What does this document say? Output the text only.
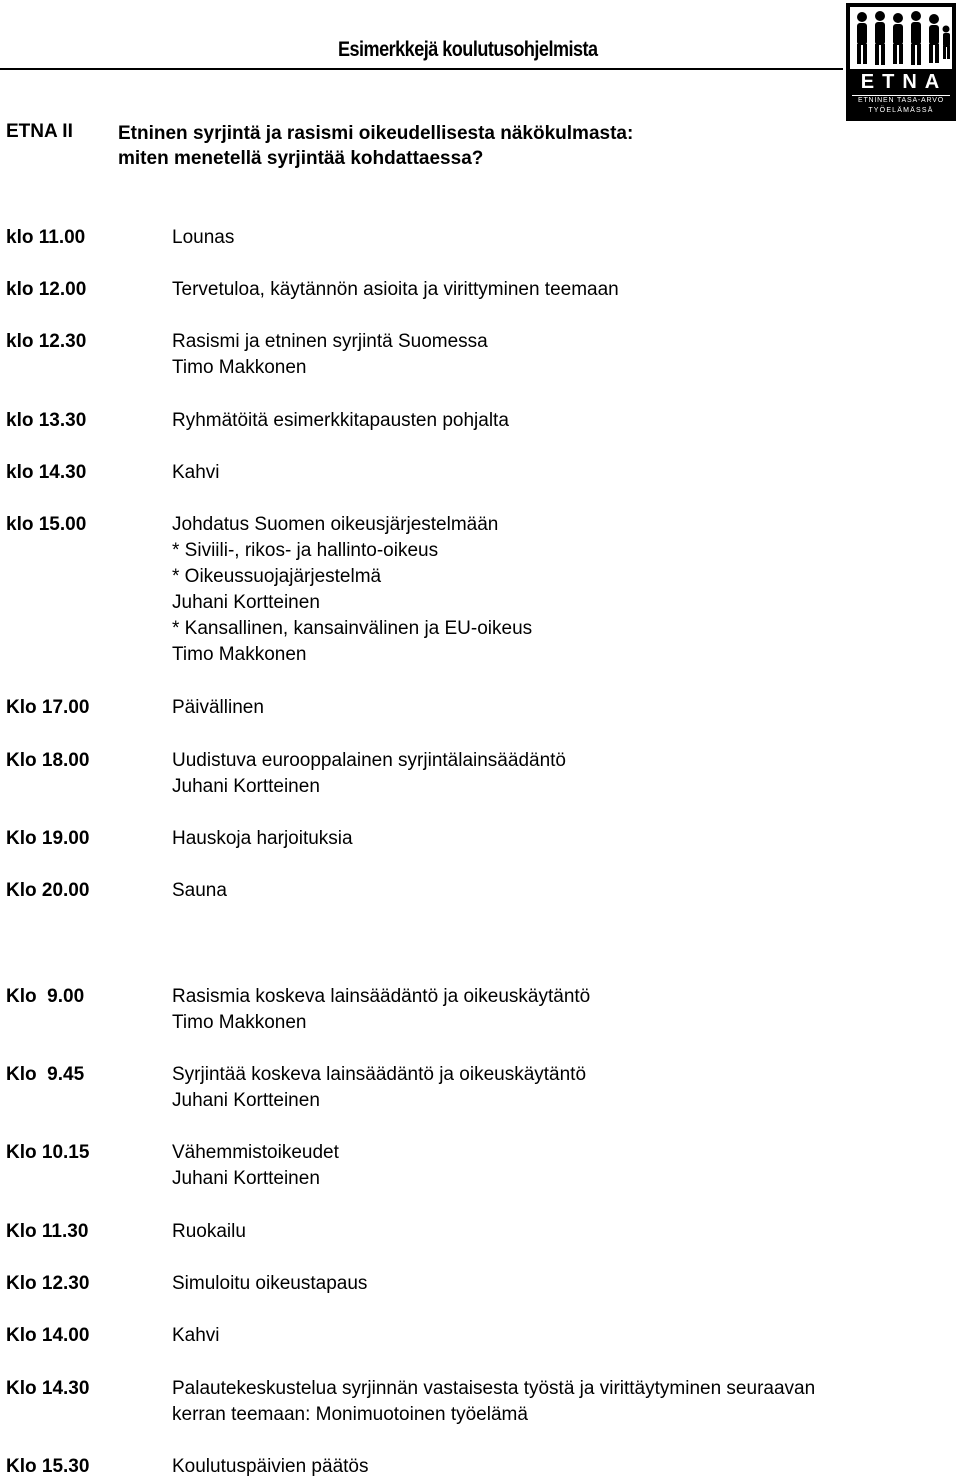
Esimerkkejä koulutusohjelmista
ETNA
ETNINEN TASA-ARVO
TYÖELÄMÄSSÄ
ETNA II Etninen syrjintä ja rasismi oikeudellisesta näkökulmasta:
miten menetellä syrjintää kohdattaessa?
klo 11.00	Lounas
klo 12.00	Tervetuloa, käytännön asioita ja virittyminen teemaan
klo 12.30	Rasismi ja etninen syrjintä Suomessa
Timo Makkonen
klo 13.30	Ryhmätöitä esimerkkitapausten pohjalta
klo 14.30	Kahvi
klo 15.00	Johdatus Suomen oikeusjärjestelmään
* Siviili-, rikos- ja hallinto-oikeus
* Oikeussuojajärjestelmä
Juhani Kortteinen
* Kansallinen, kansainvälinen ja EU-oikeus
Timo Makkonen
Klo 17.00	Päivällinen
Klo 18.00	Uudistuva eurooppalainen syrjintälainsäädäntö
Juhani Kortteinen
Klo 19.00	Hauskoja harjoituksia
Klo 20.00	Sauna
Klo  9.00	Rasismia koskeva lainsäädäntö ja oikeuskäytäntö
Timo Makkonen
Klo  9.45	Syrjintää koskeva lainsäädäntö ja oikeuskäytäntö
Juhani Kortteinen
Klo 10.15	Vähemmistoikeudet
Juhani Kortteinen
Klo 11.30	Ruokailu
Klo 12.30	Simuloitu oikeustapaus
Klo 14.00	Kahvi
Klo 14.30	Palautekeskustelua syrjinnän vastaisesta työstä ja virittäytyminen seuraavan
kerran teemaan: Monimuotoinen työelämä
Klo 15.30	Koulutuspäivien päätös
